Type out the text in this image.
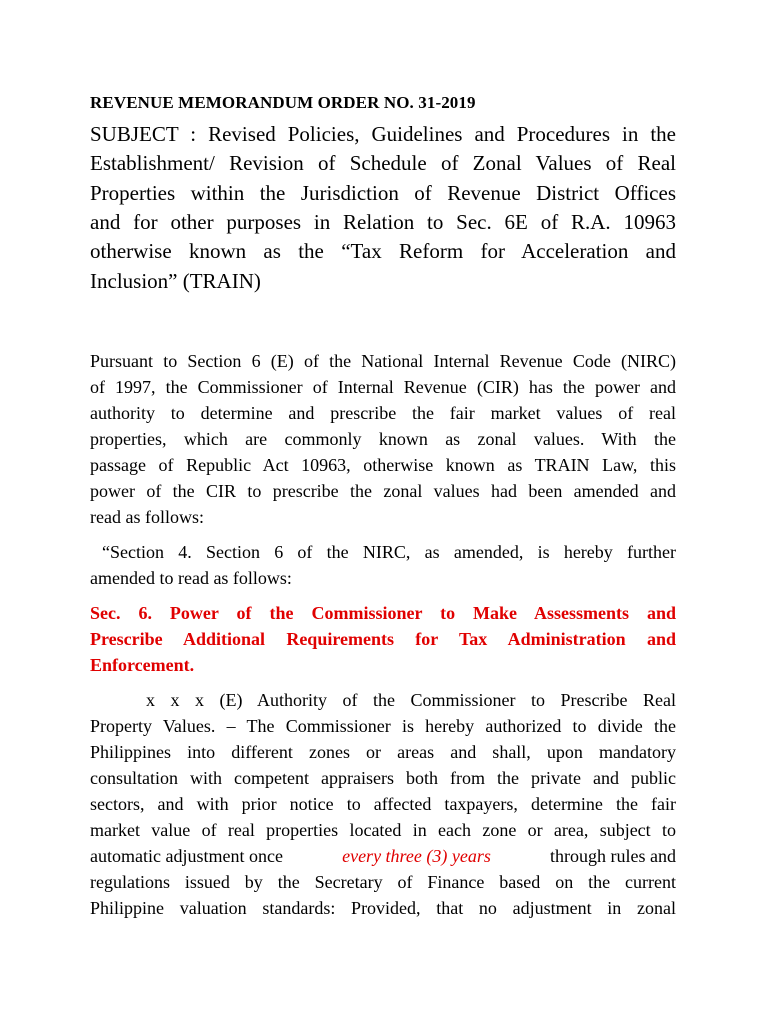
REVENUE MEMORANDUM ORDER NO. 31-2019
SUBJECT : Revised Policies, Guidelines and Procedures in the
Establishment/ Revision of Schedule of Zonal Values of Real
Properties within the Jurisdiction of Revenue District Offices
and for other purposes in Relation to Sec. 6E of R.A. 10963
otherwise known as the “Tax Reform for Acceleration and
Inclusion” (TRAIN)
Pursuant to Section 6 (E) of the National Internal Revenue Code (NIRC)
of 1997, the Commissioner of Internal Revenue (CIR) has the power and
authority to determine and prescribe the fair market values of real
properties, which are commonly known as zonal values. With the
passage of Republic Act 10963, otherwise known as TRAIN Law, this
power of the CIR to prescribe the zonal values had been amended and
read as follows:
“Section 4. Section 6 of the NIRC, as amended, is hereby further
amended to read as follows:
Sec. 6. Power of the Commissioner to Make Assessments and
Prescribe Additional Requirements for Tax Administration and
Enforcement.
x x x (E) Authority of the Commissioner to Prescribe Real
Property Values. – The Commissioner is hereby authorized to divide the
Philippines into different zones or areas and shall, upon mandatory
consultation with competent appraisers both from the private and public
sectors, and with prior notice to affected taxpayers, determine the fair
market value of real properties located in each zone or area, subject to
automatic adjustment once	every three (3) years	through rules and
regulations issued by the Secretary of Finance based on the current
Philippine valuation standards: Provided, that no adjustment in zonal
